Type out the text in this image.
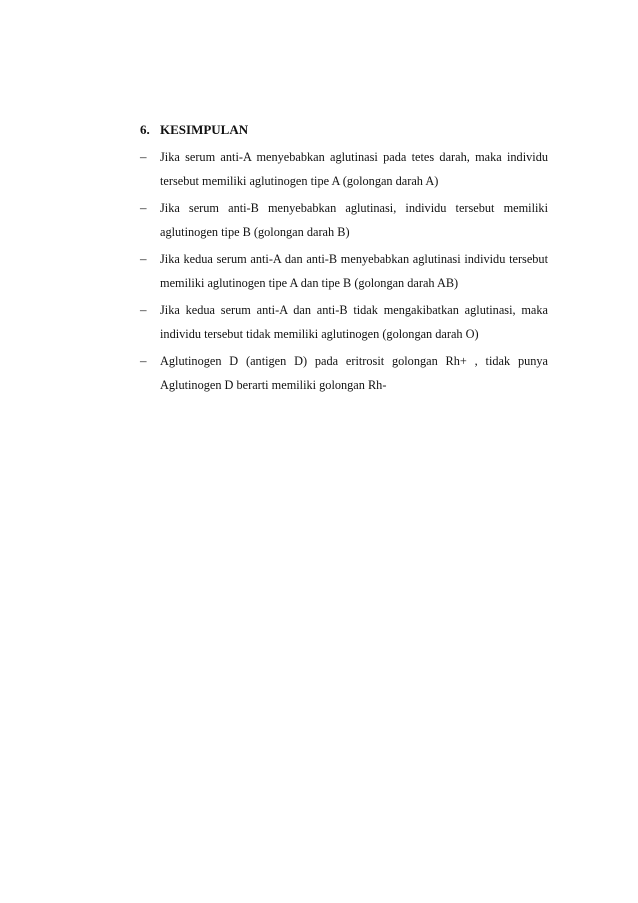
6. KESIMPULAN
–	Jika serum anti-A menyebabkan aglutinasi pada tetes darah, maka individu tersebut memiliki aglutinogen tipe A (golongan darah A)
–	Jika serum anti-B menyebabkan aglutinasi, individu tersebut memiliki aglutinogen tipe B (golongan darah B)
–	Jika kedua serum anti-A dan anti-B menyebabkan aglutinasi individu tersebut memiliki aglutinogen tipe A dan tipe B (golongan darah AB)
–	Jika kedua serum anti-A dan anti-B tidak mengakibatkan aglutinasi, maka individu tersebut tidak memiliki aglutinogen (golongan darah O)
–	Aglutinogen D (antigen D) pada eritrosit golongan Rh+ , tidak punya Aglutinogen D berarti memiliki golongan Rh-
